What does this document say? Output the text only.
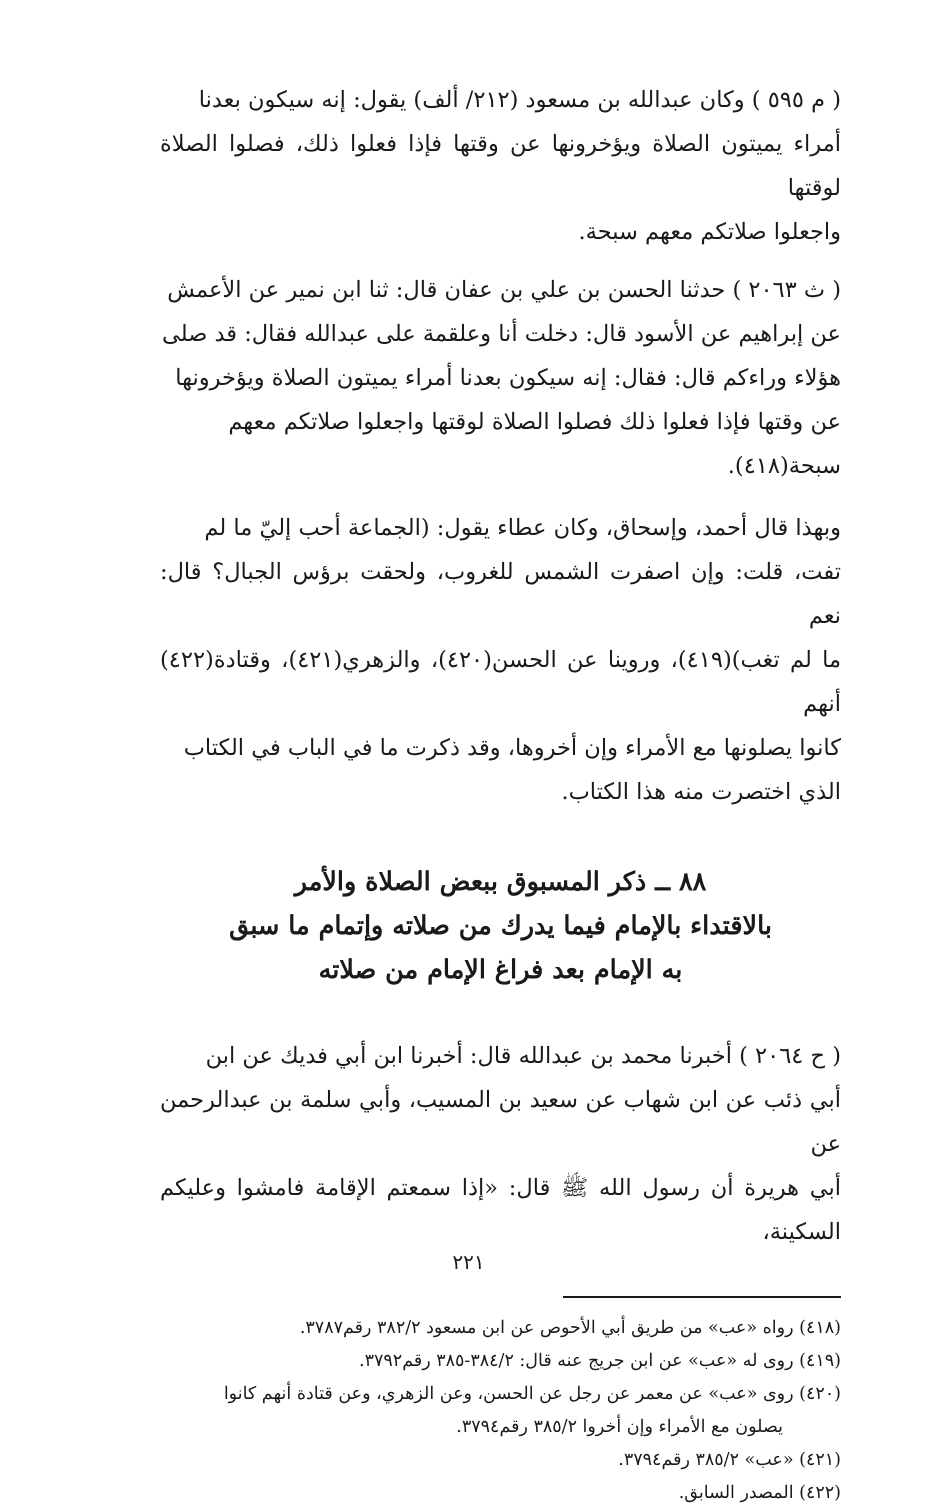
( م ٥٩٥ ) وكان عبدالله بن مسعود (٢١٢/ ألف) يقول: إنه سيكون بعدنا
أمراء يميتون الصلاة ويؤخرونها عن وقتها فإذا فعلوا ذلك، فصلوا الصلاة لوقتها
واجعلوا صلاتكم معهم سبحة.

( ث ٢٠٦٣ ) حدثنا الحسن بن علي بن عفان قال: ثنا ابن نمير عن الأعمش
عن إبراهيم عن الأسود قال: دخلت أنا وعلقمة على عبدالله فقال: قد صلى
هؤلاء وراءكم قال: فقال: إنه سيكون بعدنا أمراء يميتون الصلاة ويؤخرونها
عن وقتها فإذا فعلوا ذلك فصلوا الصلاة لوقتها واجعلوا صلاتكم معهم
سبحة(٤١٨).

وبهذا قال أحمد، وإسحاق، وكان عطاء يقول: (الجماعة أحب إليّ ما لم
تفت، قلت: وإن اصفرت الشمس للغروب، ولحقت برؤس الجبال؟ قال: نعم
ما لم تغب)(٤١٩)، وروينا عن الحسن(٤٢٠)، والزهري(٤٢١)، وقتادة(٤٢٢) أنهم
كانوا يصلونها مع الأمراء وإن أخروها، وقد ذكرت ما في الباب في الكتاب
الذي اختصرت منه هذا الكتاب.

٨٨ ــ ذكر المسبوق ببعض الصلاة والأمر
بالاقتداء بالإمام فيما يدرك من صلاته وإتمام ما سبق
به الإمام بعد فراغ الإمام من صلاته

( ح ٢٠٦٤ ) أخبرنا محمد بن عبدالله قال: أخبرنا ابن أبي فديك عن ابن
أبي ذئب عن ابن شهاب عن سعيد بن المسيب، وأبي سلمة بن عبدالرحمن عن
أبي هريرة أن رسول الله ﷺ قال: «إذا سمعتم الإقامة فامشوا وعليكم السكينة،

(٤١٨) رواه «عب» من طريق أبي الأحوص عن ابن مسعود ٣٨٢/٢ رقم٣٧٨٧.

(٤١٩) روى له «عب» عن ابن جريج عنه قال: ٣٨٤/٢-٣٨٥ رقم٣٧٩٢.

(٤٢٠) روى «عب» عن معمر عن رجل عن الحسن، وعن الزهري، وعن قتادة أنهم كانوا
يصلون مع الأمراء وإن أخروا ٣٨٥/٢ رقم٣٧٩٤.

(٤٢١) «عب» ٣٨٥/٢ رقم٣٧٩٤.

(٤٢٢) المصدر السابق.

٢٢١
